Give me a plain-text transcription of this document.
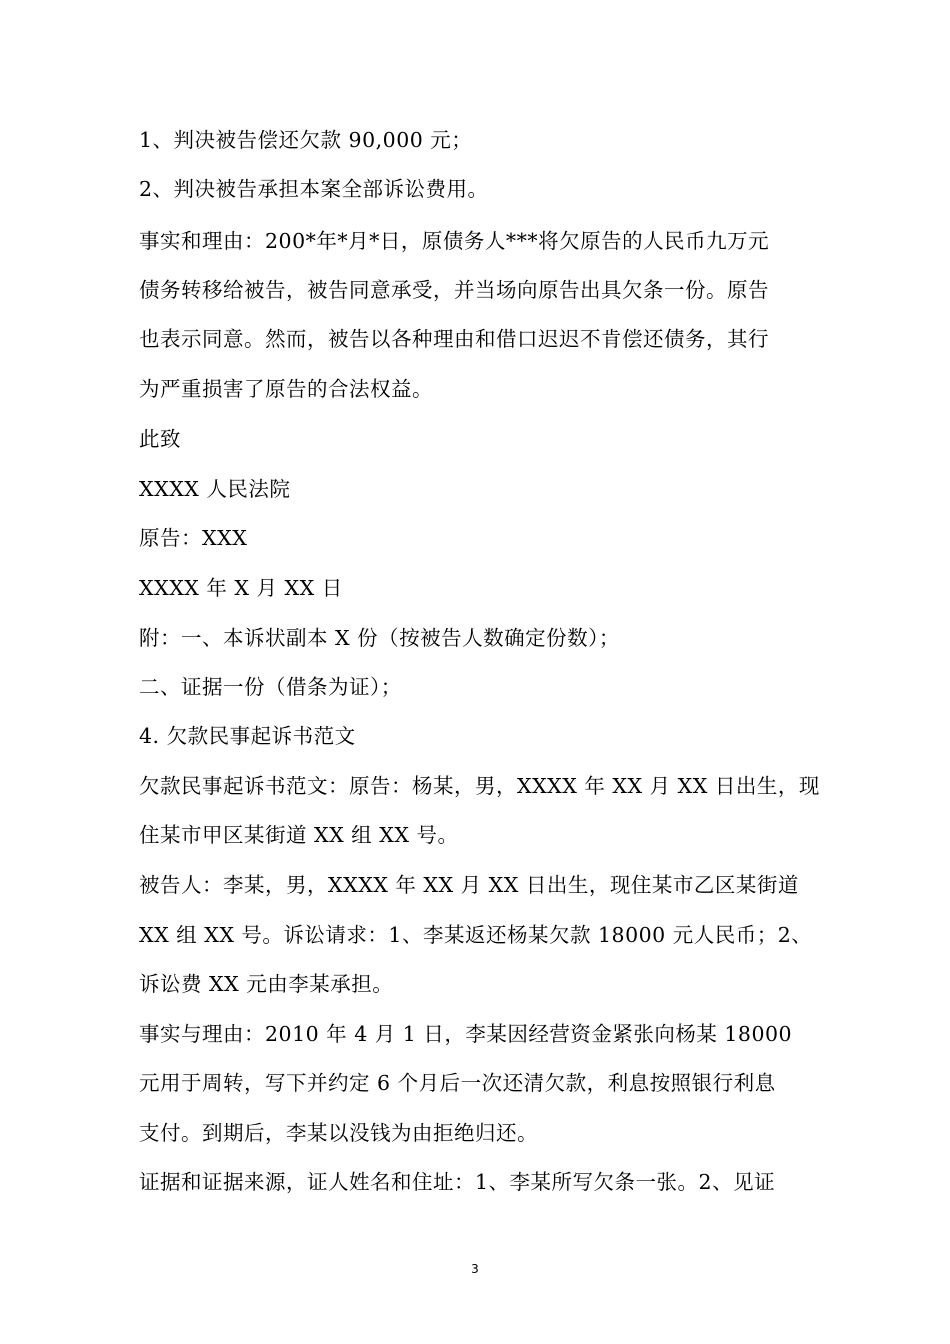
1、判决被告偿还欠款 90,000 元；
2、判决被告承担本案全部诉讼费用。
事实和理由：200*年*月*日，原债务人***将欠原告的人民币九万元
债务转移给被告，被告同意承受，并当场向原告出具欠条一份。原告
也表示同意。然而，被告以各种理由和借口迟迟不肯偿还债务，其行
为严重损害了原告的合法权益。
此致
XXXX 人民法院
原告：XXX
XXXX 年 X 月 XX 日
附：一、本诉状副本 X 份（按被告人数确定份数）；
二、证据一份（借条为证）；
4. 欠款民事起诉书范文
欠款民事起诉书范文：原告：杨某，男，XXXX 年 XX 月 XX 日出生，现
住某市甲区某街道 XX 组 XX 号。
被告人：李某，男，XXXX 年 XX 月 XX 日出生，现住某市乙区某街道
XX 组 XX 号。诉讼请求：1、李某返还杨某欠款 18000 元人民币；2、
诉讼费 XX 元由李某承担。
事实与理由：2010 年 4 月 1 日，李某因经营资金紧张向杨某 18000
元用于周转，写下并约定 6 个月后一次还清欠款，利息按照银行利息
支付。到期后，李某以没钱为由拒绝归还。
证据和证据来源，证人姓名和住址：1、李某所写欠条一张。2、见证
3
